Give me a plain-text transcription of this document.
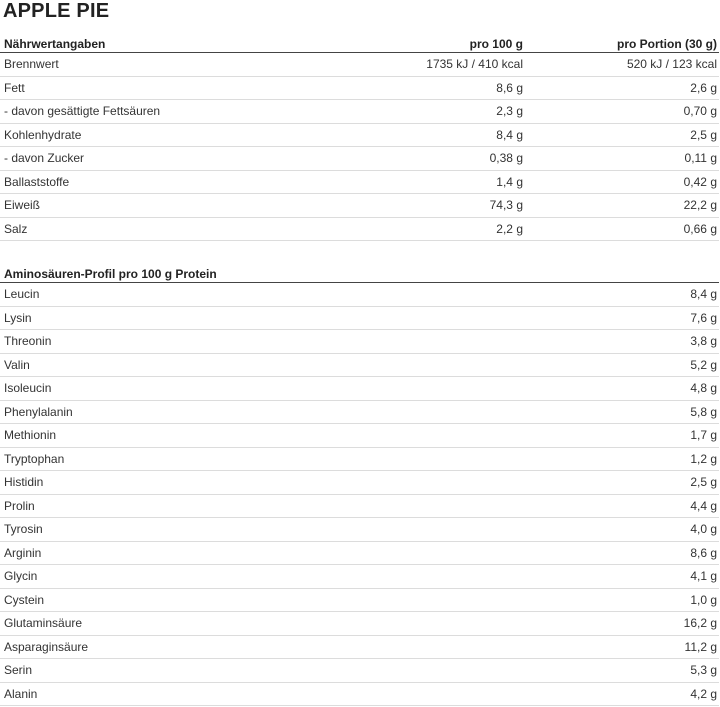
APPLE PIE
Nährwertangaben	pro 100 g	pro Portion (30 g)
Brennwert	1735 kJ / 410 kcal	520 kJ / 123 kcal
Fett	8,6 g	2,6 g
- davon gesättigte Fettsäuren	2,3 g	0,70 g
Kohlenhydrate	8,4 g	2,5 g
- davon Zucker	0,38 g	0,11 g
Ballaststoffe	1,4 g	0,42 g
Eiweiß	74,3 g	22,2 g
Salz	2,2 g	0,66 g
Aminosäuren-Profil pro 100 g Protein	
Leucin	8,4 g
Lysin	7,6 g
Threonin	3,8 g
Valin	5,2 g
Isoleucin	4,8 g
Phenylalanin	5,8 g
Methionin	1,7 g
Tryptophan	1,2 g
Histidin	2,5 g
Prolin	4,4 g
Tyrosin	4,0 g
Arginin	8,6 g
Glycin	4,1 g
Cystein	1,0 g
Glutaminsäure	16,2 g
Asparaginsäure	11,2 g
Serin	5,3 g
Alanin	4,2 g
